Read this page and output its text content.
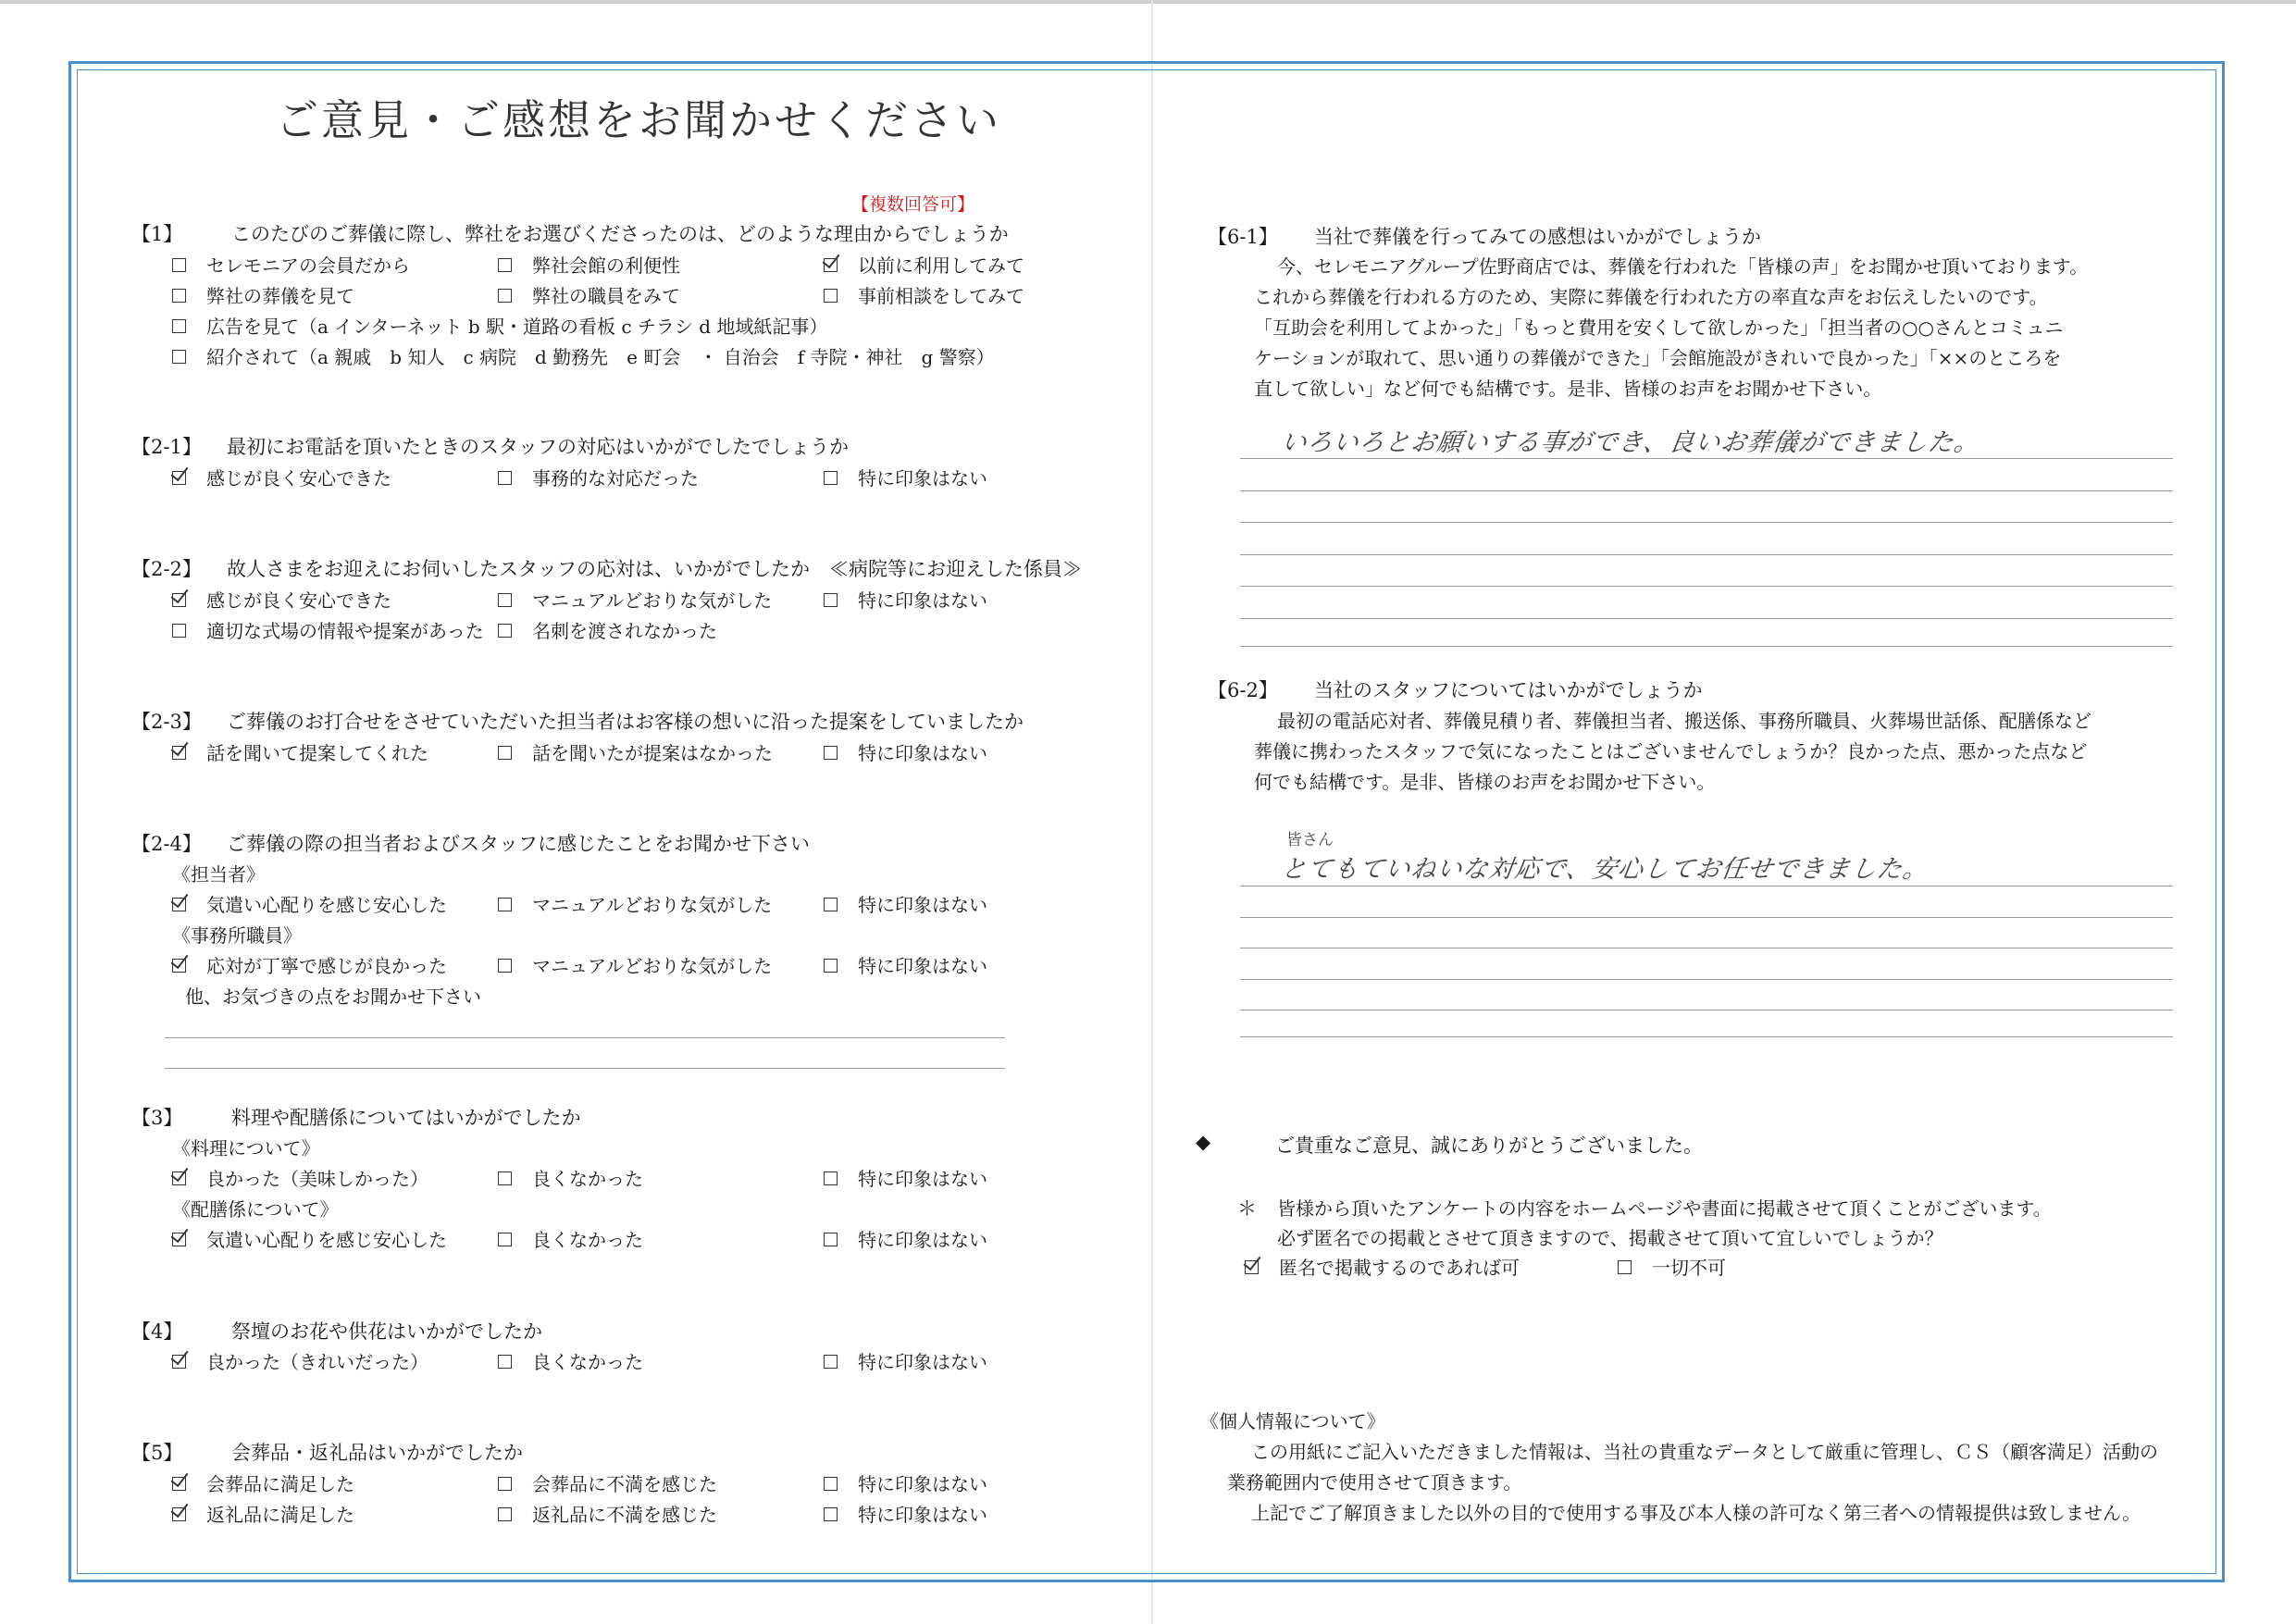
ご意見・ご感想をお聞かせください
【複数回答可】
【1】	このたびのご葬儀に際し、弊社をお選びくださったのは、どのような理由からでしょうか
セレモニアの会員だから	弊社会館の利便性	以前に利用してみて
弊社の葬儀を見て	弊社の職員をみて	事前相談をしてみて
広告を見て（a インターネット b 駅・道路の看板 c チラシ d 地域紙記事）
紹介されて（a 親戚　b 知人　c 病院　d 勤務先　e 町会　・ 自治会　f 寺院・神社　g 警察）
【2-1】 最初にお電話を頂いたときのスタッフの対応はいかがでしたでしょうか
感じが良く安心できた	事務的な対応だった	特に印象はない
【2-2】 故人さまをお迎えにお伺いしたスタッフの応対は、いかがでしたか　≪病院等にお迎えした係員≫
感じが良く安心できた	マニュアルどおりな気がした	特に印象はない
適切な式場の情報や提案があった	名刺を渡されなかった
【2-3】 ご葬儀のお打合せをさせていただいた担当者はお客様の想いに沿った提案をしていましたか
話を聞いて提案してくれた	話を聞いたが提案はなかった	特に印象はない
【2-4】 ご葬儀の際の担当者およびスタッフに感じたことをお聞かせ下さい
《担当者》
気遣い心配りを感じ安心した	マニュアルどおりな気がした	特に印象はない
《事務所職員》
応対が丁寧で感じが良かった	マニュアルどおりな気がした	特に印象はない
他、お気づきの点をお聞かせ下さい
【3】	料理や配膳係についてはいかがでしたか
《料理について》
良かった（美味しかった）	良くなかった	特に印象はない
《配膳係について》
気遣い心配りを感じ安心した	良くなかった	特に印象はない
【4】	祭壇のお花や供花はいかがでしたか
良かった（きれいだった）	良くなかった	特に印象はない
【5】	会葬品・返礼品はいかがでしたか
会葬品に満足した	会葬品に不満を感じた	特に印象はない
返礼品に満足した	返礼品に不満を感じた	特に印象はない
【6-1】 当社で葬儀を行ってみての感想はいかがでしょうか
今、セレモニアグループ佐野商店では、葬儀を行われた「皆様の声」をお聞かせ頂いております。
これから葬儀を行われる方のため、実際に葬儀を行われた方の率直な声をお伝えしたいのです。
「互助会を利用してよかった」「もっと費用を安くして欲しかった」「担当者の○○さんとコミュニ
ケーションが取れて、思い通りの葬儀ができた」「会館施設がきれいで良かった」「××のところを
直して欲しい」など何でも結構です。是非、皆様のお声をお聞かせ下さい。
いろいろとお願いする事ができ、良いお葬儀ができました。
【6-2】 当社のスタッフについてはいかがでしょうか
最初の電話応対者、葬儀見積り者、葬儀担当者、搬送係、事務所職員、火葬場世話係、配膳係など
葬儀に携わったスタッフで気になったことはございませんでしょうか？良かった点、悪かった点など
何でも結構です。是非、皆様のお声をお聞かせ下さい。
皆さん
とてもていねいな対応で、安心してお任せできました。
◆	ご貴重なご意見、誠にありがとうございました。
＊ 皆様から頂いたアンケートの内容をホームページや書面に掲載させて頂くことがございます。
必ず匿名での掲載とさせて頂きますので、掲載させて頂いて宜しいでしょうか？
匿名で掲載するのであれば可	一切不可
《個人情報について》
この用紙にご記入いただきました情報は、当社の貴重なデータとして厳重に管理し、ＣＳ（顧客満足）活動の
業務範囲内で使用させて頂きます。
上記でご了解頂きました以外の目的で使用する事及び本人様の許可なく第三者への情報提供は致しません。
